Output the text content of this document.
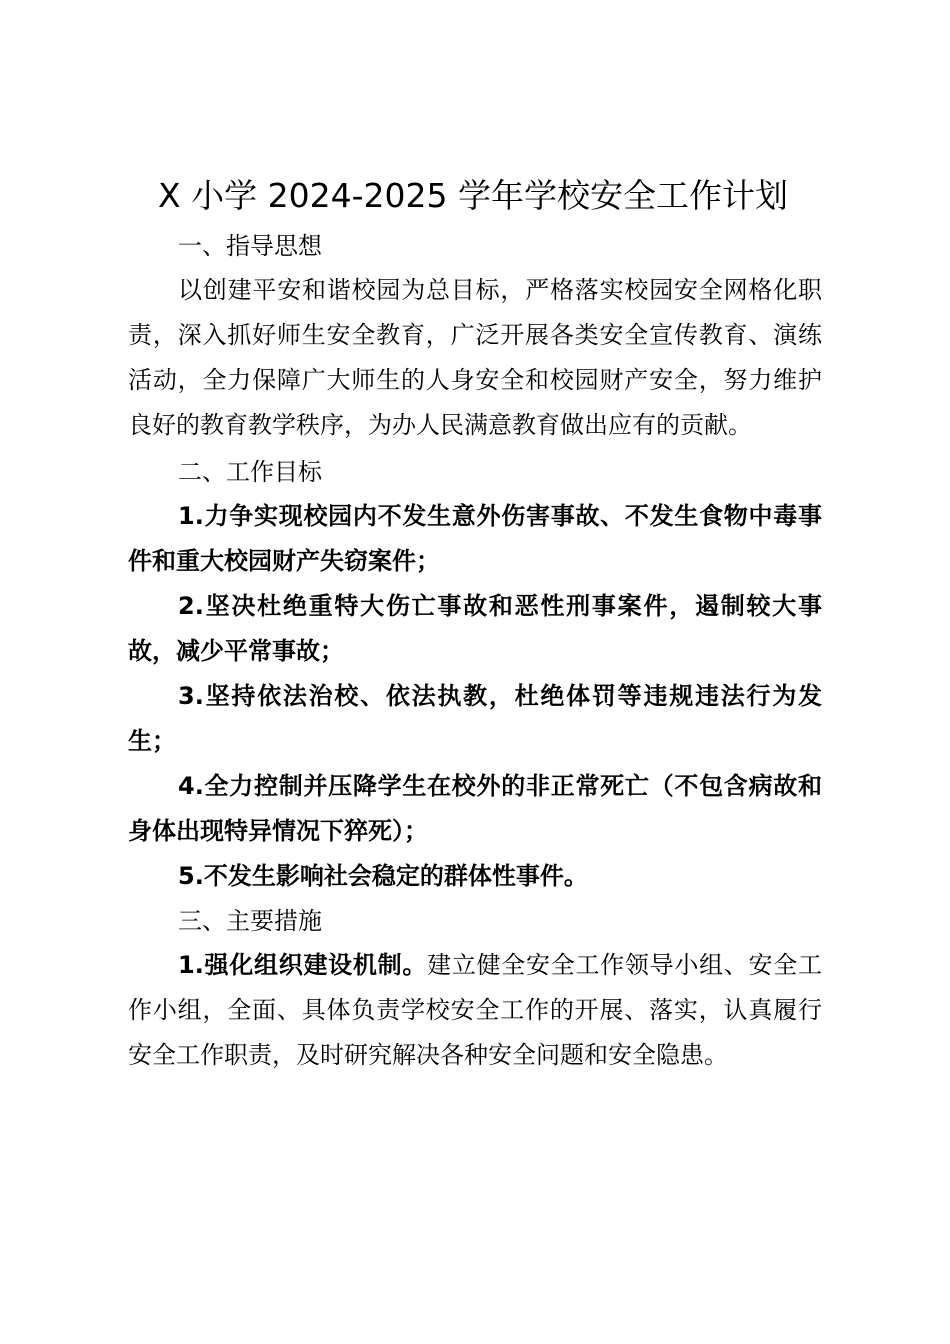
X 小学 2024-2025 学年学校安全工作计划

一、指导思想

以创建平安和谐校园为总目标，严格落实校园安全网格化职责，深入抓好师生安全教育，广泛开展各类安全宣传教育、演练活动，全力保障广大师生的人身安全和校园财产安全，努力维护良好的教育教学秩序，为办人民满意教育做出应有的贡献。

二、工作目标

1.力争实现校园内不发生意外伤害事故、不发生食物中毒事件和重大校园财产失窃案件；

2.坚决杜绝重特大伤亡事故和恶性刑事案件，遏制较大事故，减少平常事故；

3.坚持依法治校、依法执教，杜绝体罚等违规违法行为发生；

4.全力控制并压降学生在校外的非正常死亡（不包含病故和身体出现特异情况下猝死）；

5.不发生影响社会稳定的群体性事件。

三、主要措施

1.强化组织建设机制。建立健全安全工作领导小组、安全工作小组，全面、具体负责学校安全工作的开展、落实，认真履行安全工作职责，及时研究解决各种安全问题和安全隐患。
